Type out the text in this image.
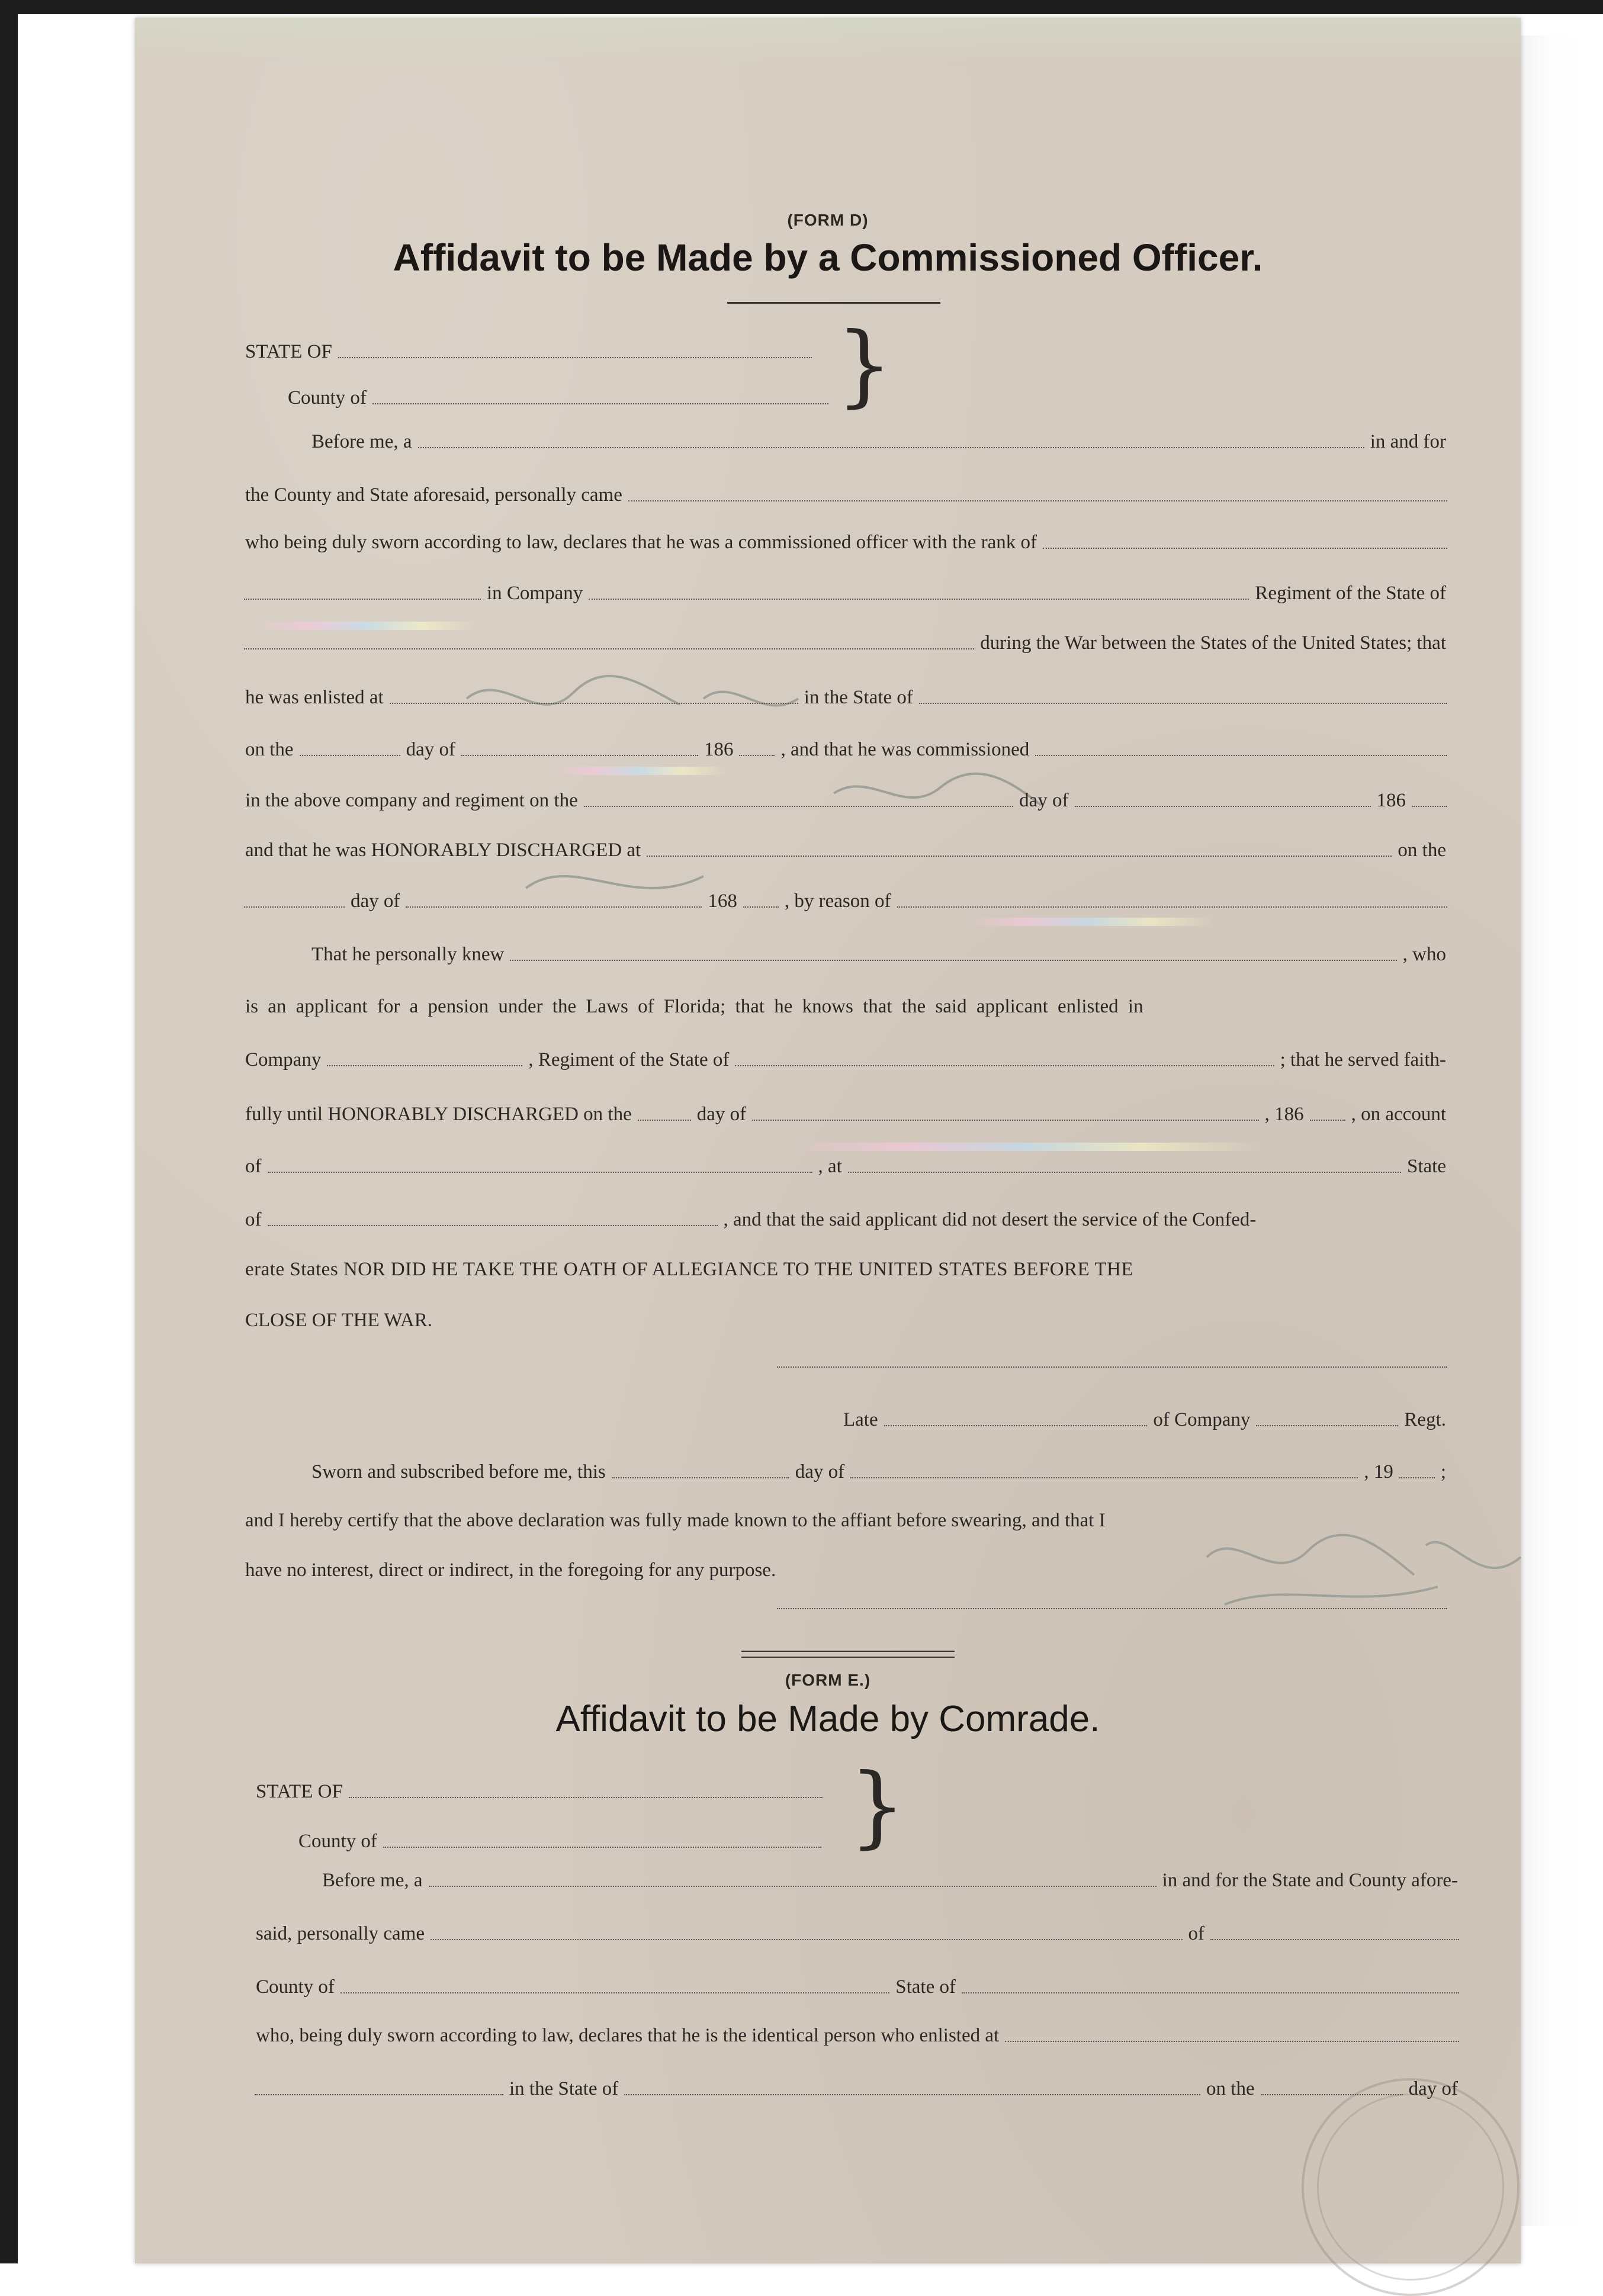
(FORM D)
Affidavit to be Made by a Commissioned Officer.
STATE OF
County of	}
Before me, a	in and for
the County and State aforesaid, personally came
who being duly sworn according to law, declares that he was a commissioned officer with the rank of
in Company	Regiment of the State of
during the War between the States of the United States; that
he was enlisted at	in the State of
on the	day of	186 , and that he was commissioned
in the above company and regiment on the	day of	186
and that he was HONORABLY DISCHARGED at	on the
day of	168 , by reason of
That he personally knew	, who
is an applicant for a pension under the Laws of Florida; that he knows that the said applicant enlisted in
Company	, Regiment of the State of	; that he served faith-
fully until HONORABLY DISCHARGED on the	day of	, 186 , on account
of	, at	State
of	, and that the said applicant did not desert the service of the Confed-
erate States NOR DID HE TAKE THE OATH OF ALLEGIANCE TO THE UNITED STATES BEFORE THE
CLOSE OF THE WAR.
Late	of Company	Regt.
Sworn and subscribed before me, this	day of	, 19 ;
and I hereby certify that the above declaration was fully made known to the affiant before swearing, and that I
have no interest, direct or indirect, in the foregoing for any purpose.
(FORM E.)
Affidavit to be Made by Comrade.
STATE OF
County of	}
Before me, a	in and for the State and County afore-
said, personally came	of
County of	State of
who, being duly sworn according to law, declares that he is the identical person who enlisted at
in the State of	on the	day of
